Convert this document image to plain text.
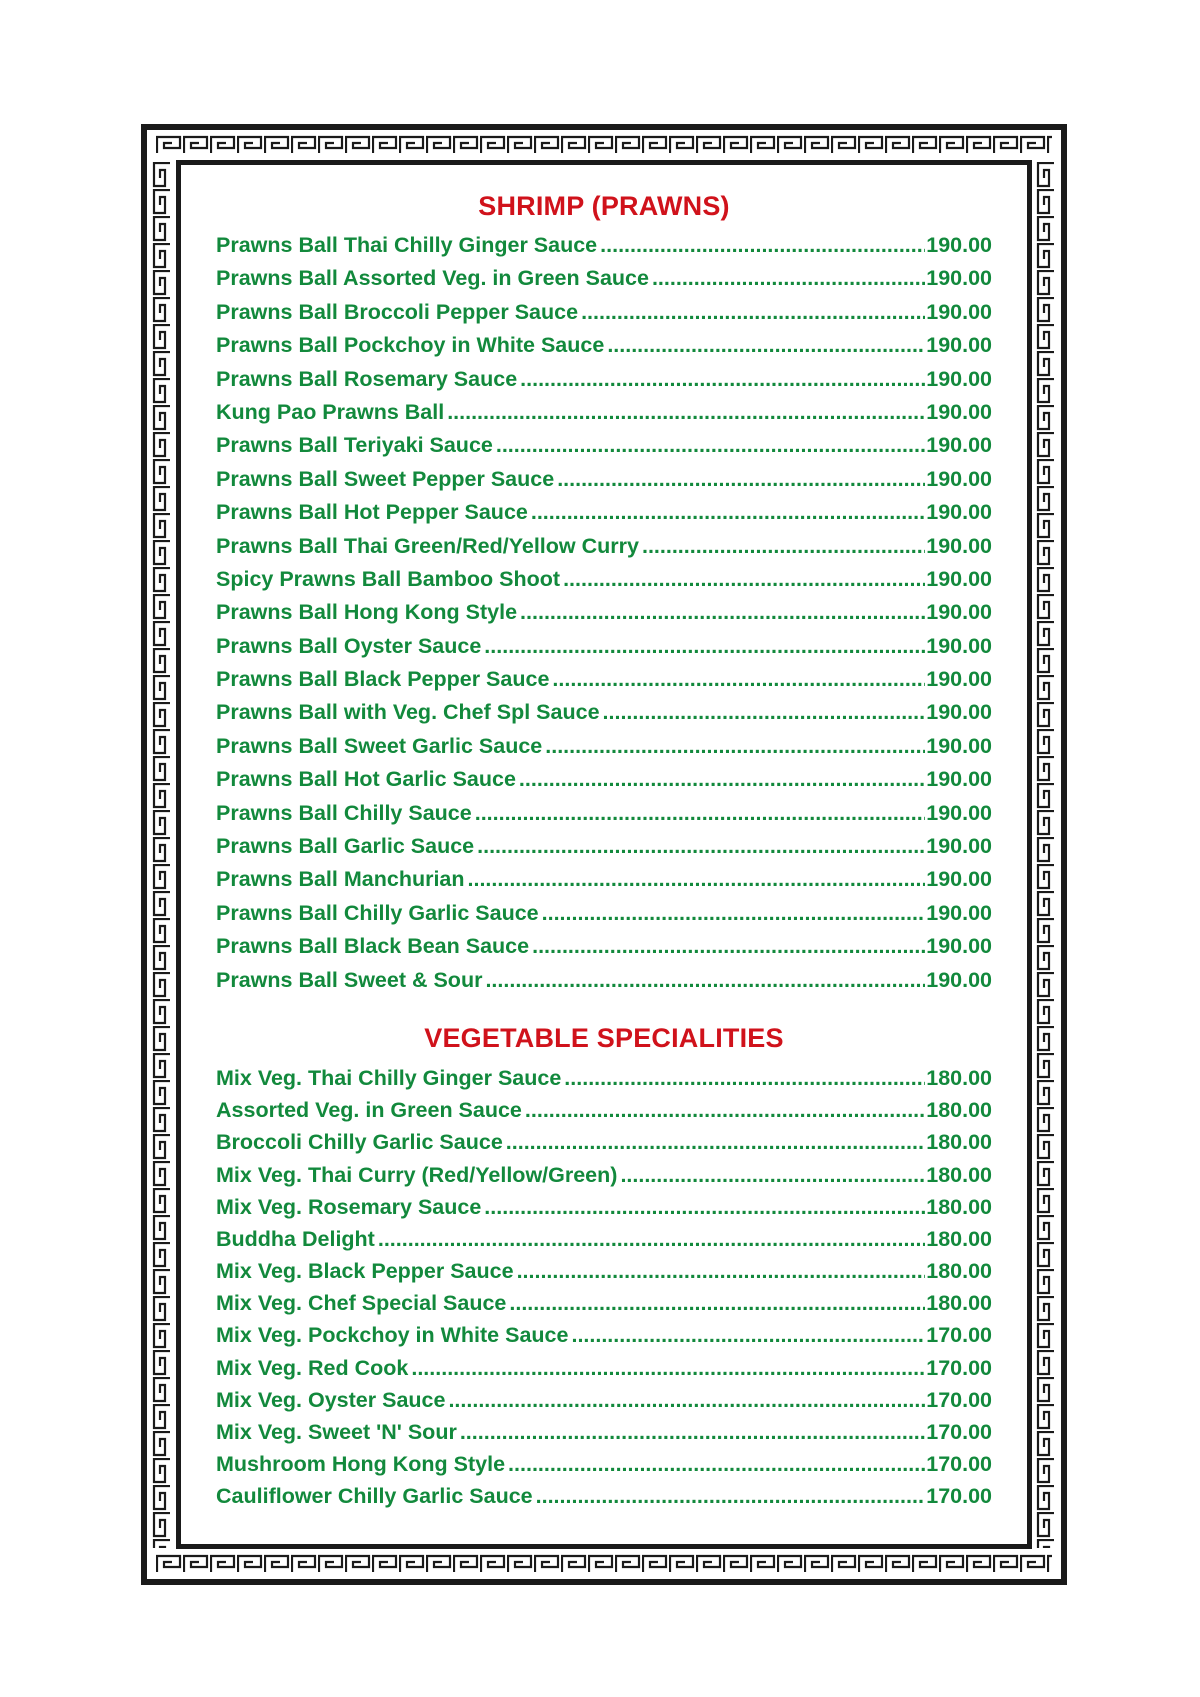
SHRIMP (PRAWNS)
Prawns Ball Thai Chilly Ginger Sauce .....	190.00
Prawns Ball Assorted Veg. in Green Sauce .....	190.00
Prawns Ball Broccoli Pepper Sauce .....	190.00
Prawns Ball Pockchoy in White Sauce .....	190.00
Prawns Ball Rosemary Sauce .....	190.00
Kung Pao Prawns Ball .....	190.00
Prawns Ball Teriyaki Sauce .....	190.00
Prawns Ball Sweet Pepper Sauce .....	190.00
Prawns Ball Hot Pepper Sauce .....	190.00
Prawns Ball Thai Green/Red/Yellow Curry .....	190.00
Spicy Prawns Ball Bamboo Shoot .....	190.00
Prawns Ball Hong Kong Style .....	190.00
Prawns Ball Oyster Sauce .....	190.00
Prawns Ball Black Pepper Sauce .....	190.00
Prawns Ball with Veg. Chef Spl Sauce .....	190.00
Prawns Ball Sweet Garlic Sauce .....	190.00
Prawns Ball Hot Garlic Sauce .....	190.00
Prawns Ball Chilly Sauce .....	190.00
Prawns Ball Garlic Sauce .....	190.00
Prawns Ball Manchurian .....	190.00
Prawns Ball Chilly Garlic Sauce .....	190.00
Prawns Ball Black Bean Sauce .....	190.00
Prawns Ball Sweet & Sour .....	190.00
VEGETABLE SPECIALITIES
Mix Veg. Thai Chilly Ginger Sauce .....	180.00
Assorted Veg. in Green Sauce .....	180.00
Broccoli Chilly Garlic Sauce .....	180.00
Mix Veg. Thai Curry (Red/Yellow/Green) .....	180.00
Mix Veg. Rosemary Sauce .....	180.00
Buddha Delight .....	180.00
Mix Veg. Black Pepper Sauce .....	180.00
Mix Veg. Chef Special Sauce .....	180.00
Mix Veg. Pockchoy in White Sauce .....	170.00
Mix Veg. Red Cook .....	170.00
Mix Veg. Oyster Sauce .....	170.00
Mix Veg. Sweet 'N' Sour .....	170.00
Mushroom Hong Kong Style .....	170.00
Cauliflower Chilly Garlic Sauce .....	170.00
